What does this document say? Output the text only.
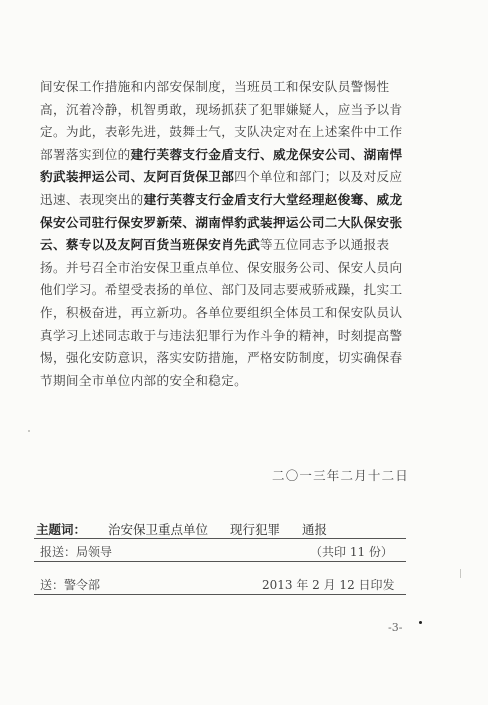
间安保工作措施和内部安保制度，当班员工和保安队员警惕性
高，沉着冷静，机智勇敢，现场抓获了犯罪嫌疑人，应当予以肯
定。为此，表彰先进，鼓舞士气，支队决定对在上述案件中工作
部署落实到位的建行芙蓉支行金盾支行、威龙保安公司、湖南悍
豹武装押运公司、友阿百货保卫部四个单位和部门；以及对反应
迅速、表现突出的建行芙蓉支行金盾支行大堂经理赵俊骞、威龙
保安公司驻行保安罗新荣、湖南悍豹武装押运公司二大队保安张
云、蔡专以及友阿百货当班保安肖先武等五位同志予以通报表
扬。并号召全市治安保卫重点单位、保安服务公司、保安人员向
他们学习。希望受表扬的单位、部门及同志要戒骄戒躁，扎实工
作，积极奋进，再立新功。各单位要组织全体员工和保安队员认
真学习上述同志敢于与违法犯罪行为作斗争的精神，时刻提高警
惕，强化安防意识，落实安防措施，严格安防制度，切实确保春
节期间全市单位内部的安全和稳定。
二〇一三年二月十二日
主题词： 治安保卫重点单位 现行犯罪 通报
报送：局领导	（共印 11 份）
送：警令部	2013 年 2 月 12 日印发
-3-
